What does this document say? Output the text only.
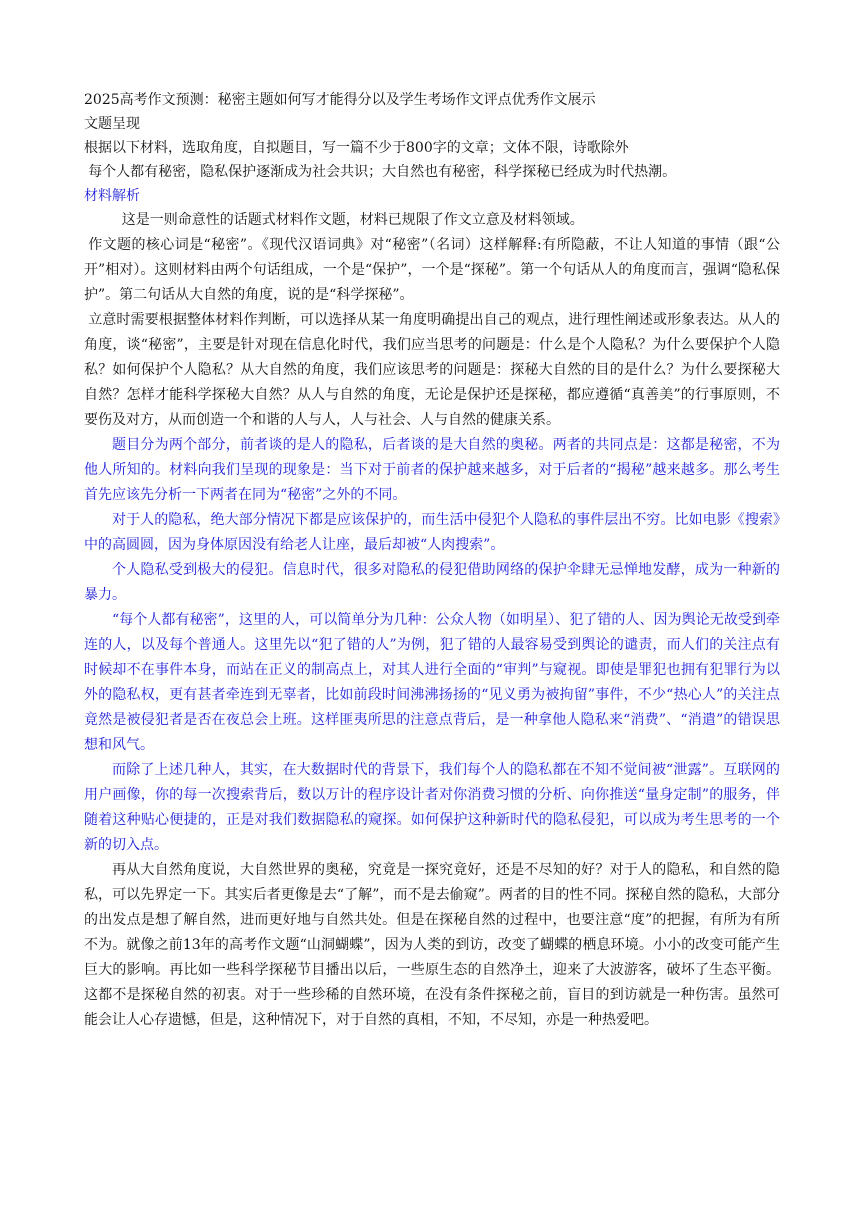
2025高考作文预测：秘密主题如何写才能得分以及学生考场作文评点优秀作文展示

文题呈现

根据以下材料，选取角度，自拟题目，写一篇不少于800字的文章；文体不限，诗歌除外

每个人都有秘密，隐私保护逐渐成为社会共识；大自然也有秘密，科学探秘已经成为时代热潮。

材料解析

这是一则命意性的话题式材料作文题，材料已规限了作文立意及材料领域。

作文题的核心词是“秘密”。《现代汉语词典》对“秘密”（名词）这样解释:有所隐蔽，不让人知道的事情（跟“公开”相对）。这则材料由两个句话组成，一个是“保护”，一个是“探秘”。第一个句话从人的角度而言，强调“隐私保护”。第二句话从大自然的角度，说的是“科学探秘”。

立意时需要根据整体材料作判断，可以选择从某一角度明确提出自己的观点，进行理性阐述或形象表达。从人的角度，谈“秘密”，主要是针对现在信息化时代，我们应当思考的问题是：什么是个人隐私？为什么要保护个人隐私？如何保护个人隐私？从大自然的角度，我们应该思考的问题是：探秘大自然的目的是什么？为什么要探秘大自然？怎样才能科学探秘大自然？从人与自然的角度，无论是保护还是探秘，都应遵循“真善美”的行事原则，不要伤及对方，从而创造一个和谐的人与人，人与社会、人与自然的健康关系。

题目分为两个部分，前者谈的是人的隐私，后者谈的是大自然的奥秘。两者的共同点是：这都是秘密，不为他人所知的。材料向我们呈现的现象是：当下对于前者的保护越来越多，对于后者的“揭秘”越来越多。那么考生首先应该先分析一下两者在同为“秘密”之外的不同。

对于人的隐私，绝大部分情况下都是应该保护的，而生活中侵犯个人隐私的事件层出不穷。比如电影《搜索》中的高圆圆，因为身体原因没有给老人让座，最后却被“人肉搜索”。

个人隐私受到极大的侵犯。信息时代，很多对隐私的侵犯借助网络的保护伞肆无忌惮地发酵，成为一种新的暴力。

“每个人都有秘密”，这里的人，可以简单分为几种：公众人物（如明星）、犯了错的人、因为舆论无故受到牵连的人，以及每个普通人。这里先以“犯了错的人”为例，犯了错的人最容易受到舆论的谴责，而人们的关注点有时候却不在事件本身，而站在正义的制高点上，对其人进行全面的“审判”与窥视。即使是罪犯也拥有犯罪行为以外的隐私权，更有甚者牵连到无辜者，比如前段时间沸沸扬扬的“见义勇为被拘留”事件，不少“热心人”的关注点竟然是被侵犯者是否在夜总会上班。这样匪夷所思的注意点背后，是一种拿他人隐私来“消费”、“消遣”的错误思想和风气。

而除了上述几种人，其实，在大数据时代的背景下，我们每个人的隐私都在不知不觉间被“泄露”。互联网的用户画像，你的每一次搜索背后，数以万计的程序设计者对你消费习惯的分析、向你推送“量身定制”的服务，伴随着这种贴心便捷的，正是对我们数据隐私的窥探。如何保护这种新时代的隐私侵犯，可以成为考生思考的一个新的切入点。

再从大自然角度说，大自然世界的奥秘，究竟是一探究竟好，还是不尽知的好？对于人的隐私，和自然的隐私，可以先界定一下。其实后者更像是去“了解”，而不是去偷窥”。两者的目的性不同。探秘自然的隐私，大部分的出发点是想了解自然，进而更好地与自然共处。但是在探秘自然的过程中，也要注意“度”的把握，有所为有所不为。就像之前13年的高考作文题“山洞蝴蝶”，因为人类的到访，改变了蝴蝶的栖息环境。小小的改变可能产生巨大的影响。再比如一些科学探秘节目播出以后，一些原生态的自然净土，迎来了大波游客，破坏了生态平衡。这都不是探秘自然的初衷。对于一些珍稀的自然环境，在没有条件探秘之前，盲目的到访就是一种伤害。虽然可能会让人心存遗憾，但是，这种情况下，对于自然的真相，不知，不尽知，亦是一种热爱吧。
